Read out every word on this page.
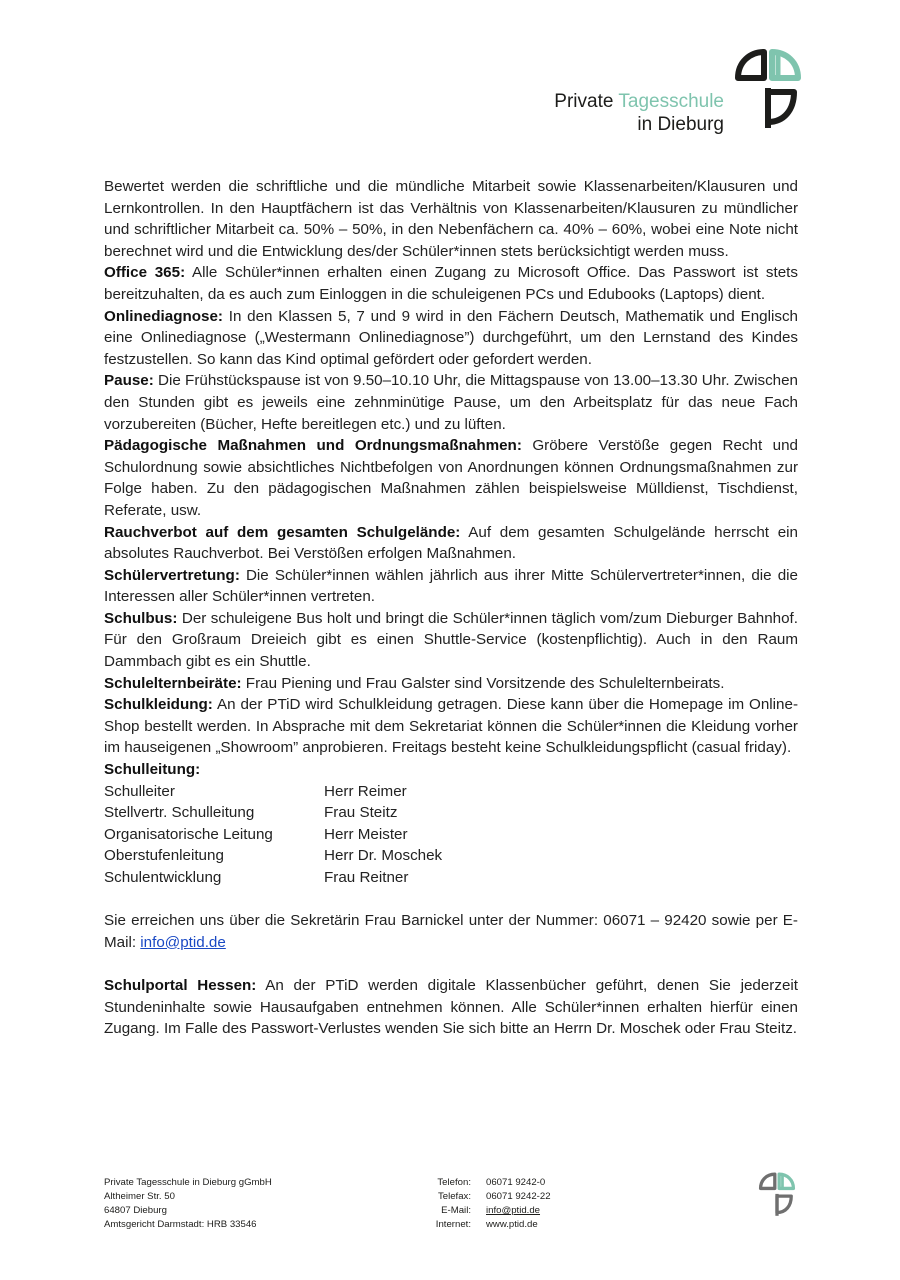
Private Tagesschule
in Dieburg

Bewertet werden die schriftliche und die mündliche Mitarbeit sowie Klassenarbeiten/Klausuren und Lernkontrollen. In den Hauptfächern ist das Verhältnis von Klassenarbeiten/Klausuren zu mündlicher und schriftlicher Mitarbeit ca. 50% – 50%, in den Nebenfächern ca. 40% – 60%, wobei eine Note nicht berechnet wird und die Entwicklung des/der Schüler*innen stets berücksichtigt werden muss.

Office 365: Alle Schüler*innen erhalten einen Zugang zu Microsoft Office. Das Passwort ist stets bereitzuhalten, da es auch zum Einloggen in die schuleigenen PCs und Edubooks (Laptops) dient.

Onlinediagnose: In den Klassen 5, 7 und 9 wird in den Fächern Deutsch, Mathematik und Englisch eine Onlinediagnose („Westermann Onlinediagnose”) durchgeführt, um den Lernstand des Kindes festzustellen. So kann das Kind optimal gefördert oder gefordert werden.

Pause: Die Frühstückspause ist von 9.50–10.10 Uhr, die Mittagspause von 13.00–13.30 Uhr. Zwischen den Stunden gibt es jeweils eine zehnminütige Pause, um den Arbeitsplatz für das neue Fach vorzubereiten (Bücher, Hefte bereitlegen etc.) und zu lüften.

Pädagogische Maßnahmen und Ordnungsmaßnahmen: Gröbere Verstöße gegen Recht und Schulordnung sowie absichtliches Nichtbefolgen von Anordnungen können Ordnungsmaßnahmen zur Folge haben. Zu den pädagogischen Maßnahmen zählen beispielsweise Mülldienst, Tischdienst, Referate, usw.

Rauchverbot auf dem gesamten Schulgelände: Auf dem gesamten Schulgelände herrscht ein absolutes Rauchverbot. Bei Verstößen erfolgen Maßnahmen.

Schülervertretung: Die Schüler*innen wählen jährlich aus ihrer Mitte Schülervertreter*innen, die die Interessen aller Schüler*innen vertreten.

Schulbus: Der schuleigene Bus holt und bringt die Schüler*innen täglich vom/zum Dieburger Bahnhof. Für den Großraum Dreieich gibt es einen Shuttle-Service (kostenpflichtig). Auch in den Raum Dammbach gibt es ein Shuttle.

Schulelternbeiräte: Frau Piening und Frau Galster sind Vorsitzende des Schulelternbeirats.

Schulkleidung: An der PTiD wird Schulkleidung getragen. Diese kann über die Homepage im Online-Shop bestellt werden. In Absprache mit dem Sekretariat können die Schüler*innen die Kleidung vorher im hauseigenen „Showroom” anprobieren. Freitags besteht keine Schulkleidungspflicht (casual friday).

Schulleitung:

Schulleiter	Herr Reimer
Stellvertr. Schulleitung	Frau Steitz
Organisatorische Leitung	Herr Meister
Oberstufenleitung	Herr Dr. Moschek
Schulentwicklung	Frau Reitner

Sie erreichen uns über die Sekretärin Frau Barnickel unter der Nummer: 06071 – 92420 sowie per E-Mail: info@ptid.de

Schulportal Hessen: An der PTiD werden digitale Klassenbücher geführt, denen Sie jederzeit Stundeninhalte sowie Hausaufgaben entnehmen können. Alle Schüler*innen erhalten hierfür einen Zugang. Im Falle des Passwort-Verlustes wenden Sie sich bitte an Herrn Dr. Moschek oder Frau Steitz.

Private Tagesschule in Dieburg gGmbH
Altheimer Str. 50
64807 Dieburg
Amtsgericht Darmstadt: HRB 33546
Telefon:	06071 9242-0
Telefax:	06071 9242-22
E-Mail:	info@ptid.de
Internet:	www.ptid.de
